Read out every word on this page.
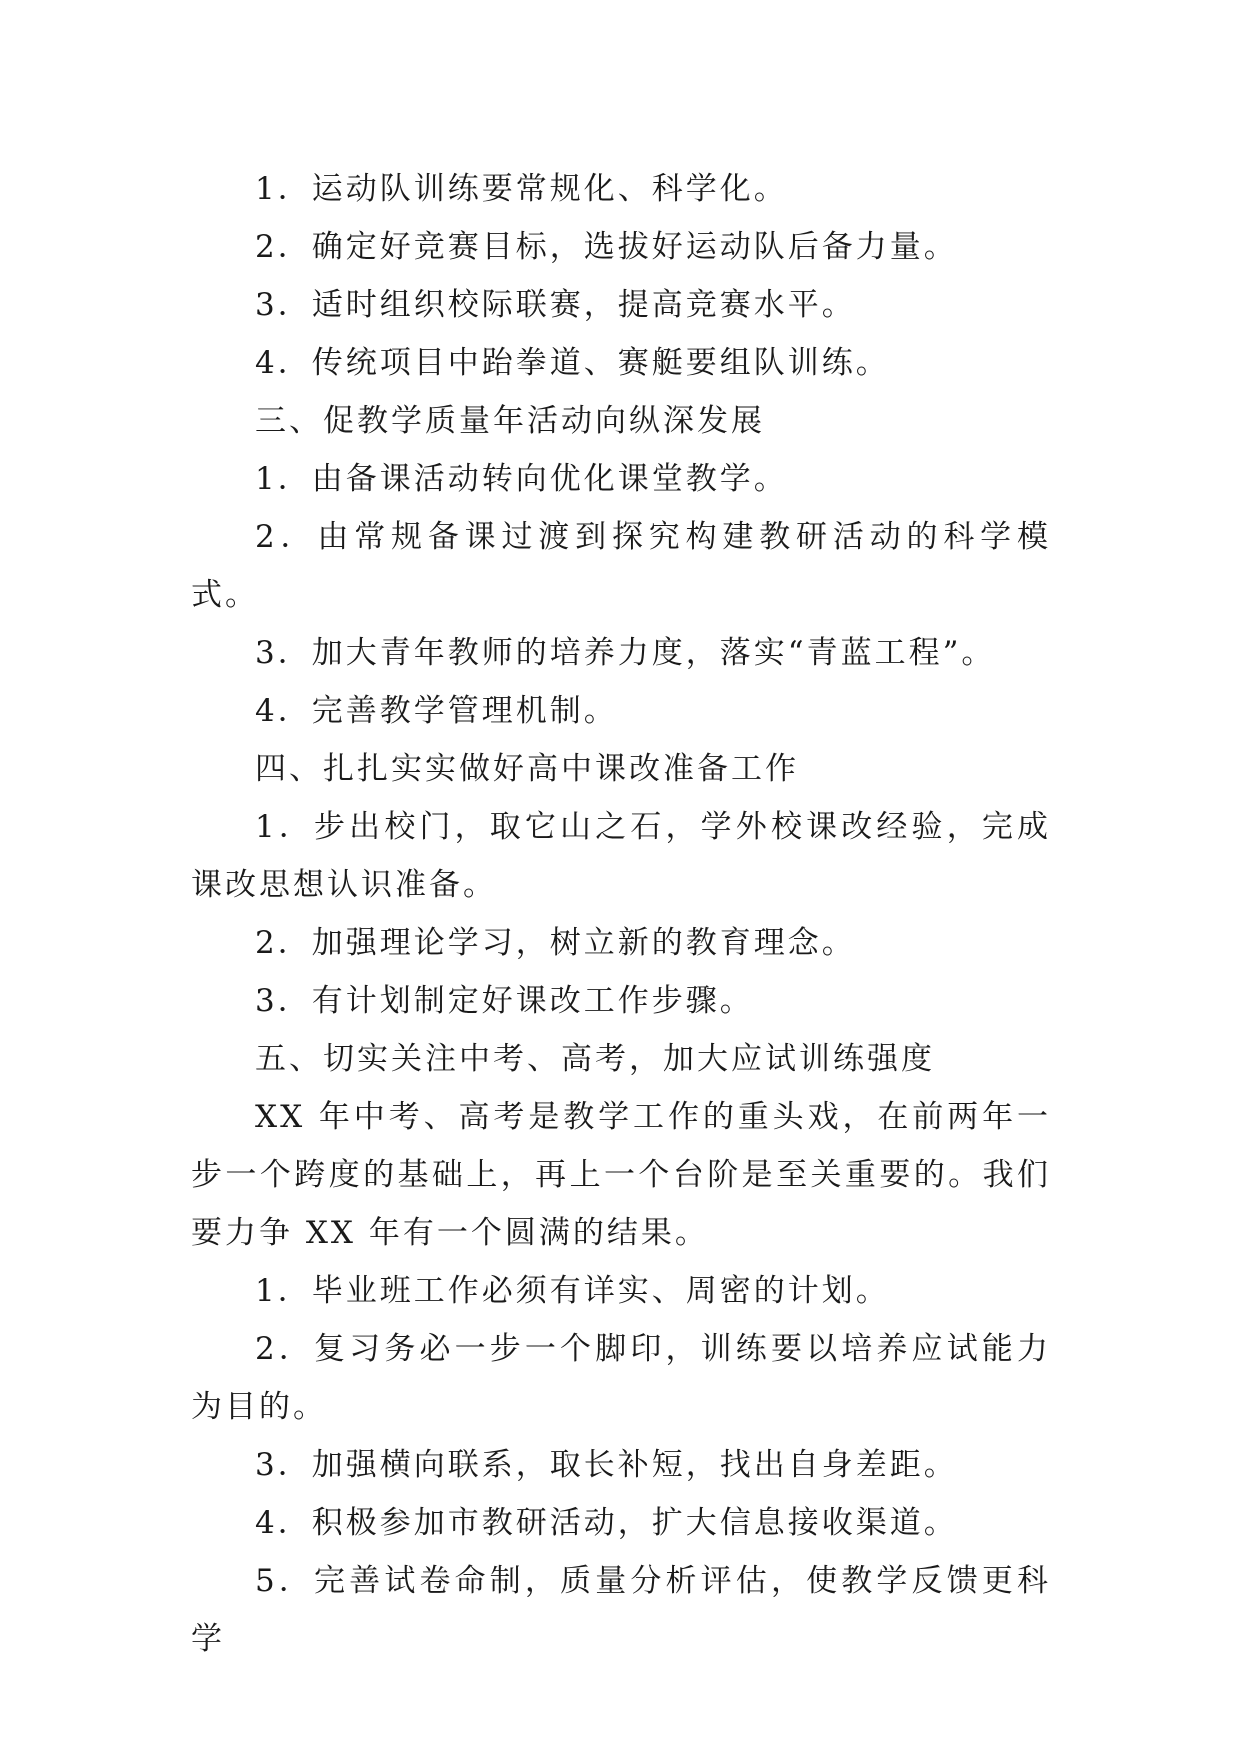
1．运动队训练要常规化、科学化。

2．确定好竞赛目标，选拔好运动队后备力量。

3．适时组织校际联赛，提高竞赛水平。

4．传统项目中跆拳道、赛艇要组队训练。

三、促教学质量年活动向纵深发展

1．由备课活动转向优化课堂教学。

2．由常规备课过渡到探究构建教研活动的科学模式。

3．加大青年教师的培养力度，落实“青蓝工程”。

4．完善教学管理机制。

四、扎扎实实做好高中课改准备工作

1．步出校门，取它山之石，学外校课改经验，完成课改思想认识准备。

2．加强理论学习，树立新的教育理念。

3．有计划制定好课改工作步骤。

五、切实关注中考、高考，加大应试训练强度

XX 年中考、高考是教学工作的重头戏，在前两年一步一个跨度的基础上，再上一个台阶是至关重要的。我们要力争 XX 年有一个圆满的结果。

1．毕业班工作必须有详实、周密的计划。

2．复习务必一步一个脚印，训练要以培养应试能力为目的。

3．加强横向联系，取长补短，找出自身差距。

4．积极参加市教研活动，扩大信息接收渠道。

5．完善试卷命制，质量分析评估，使教学反馈更科学
